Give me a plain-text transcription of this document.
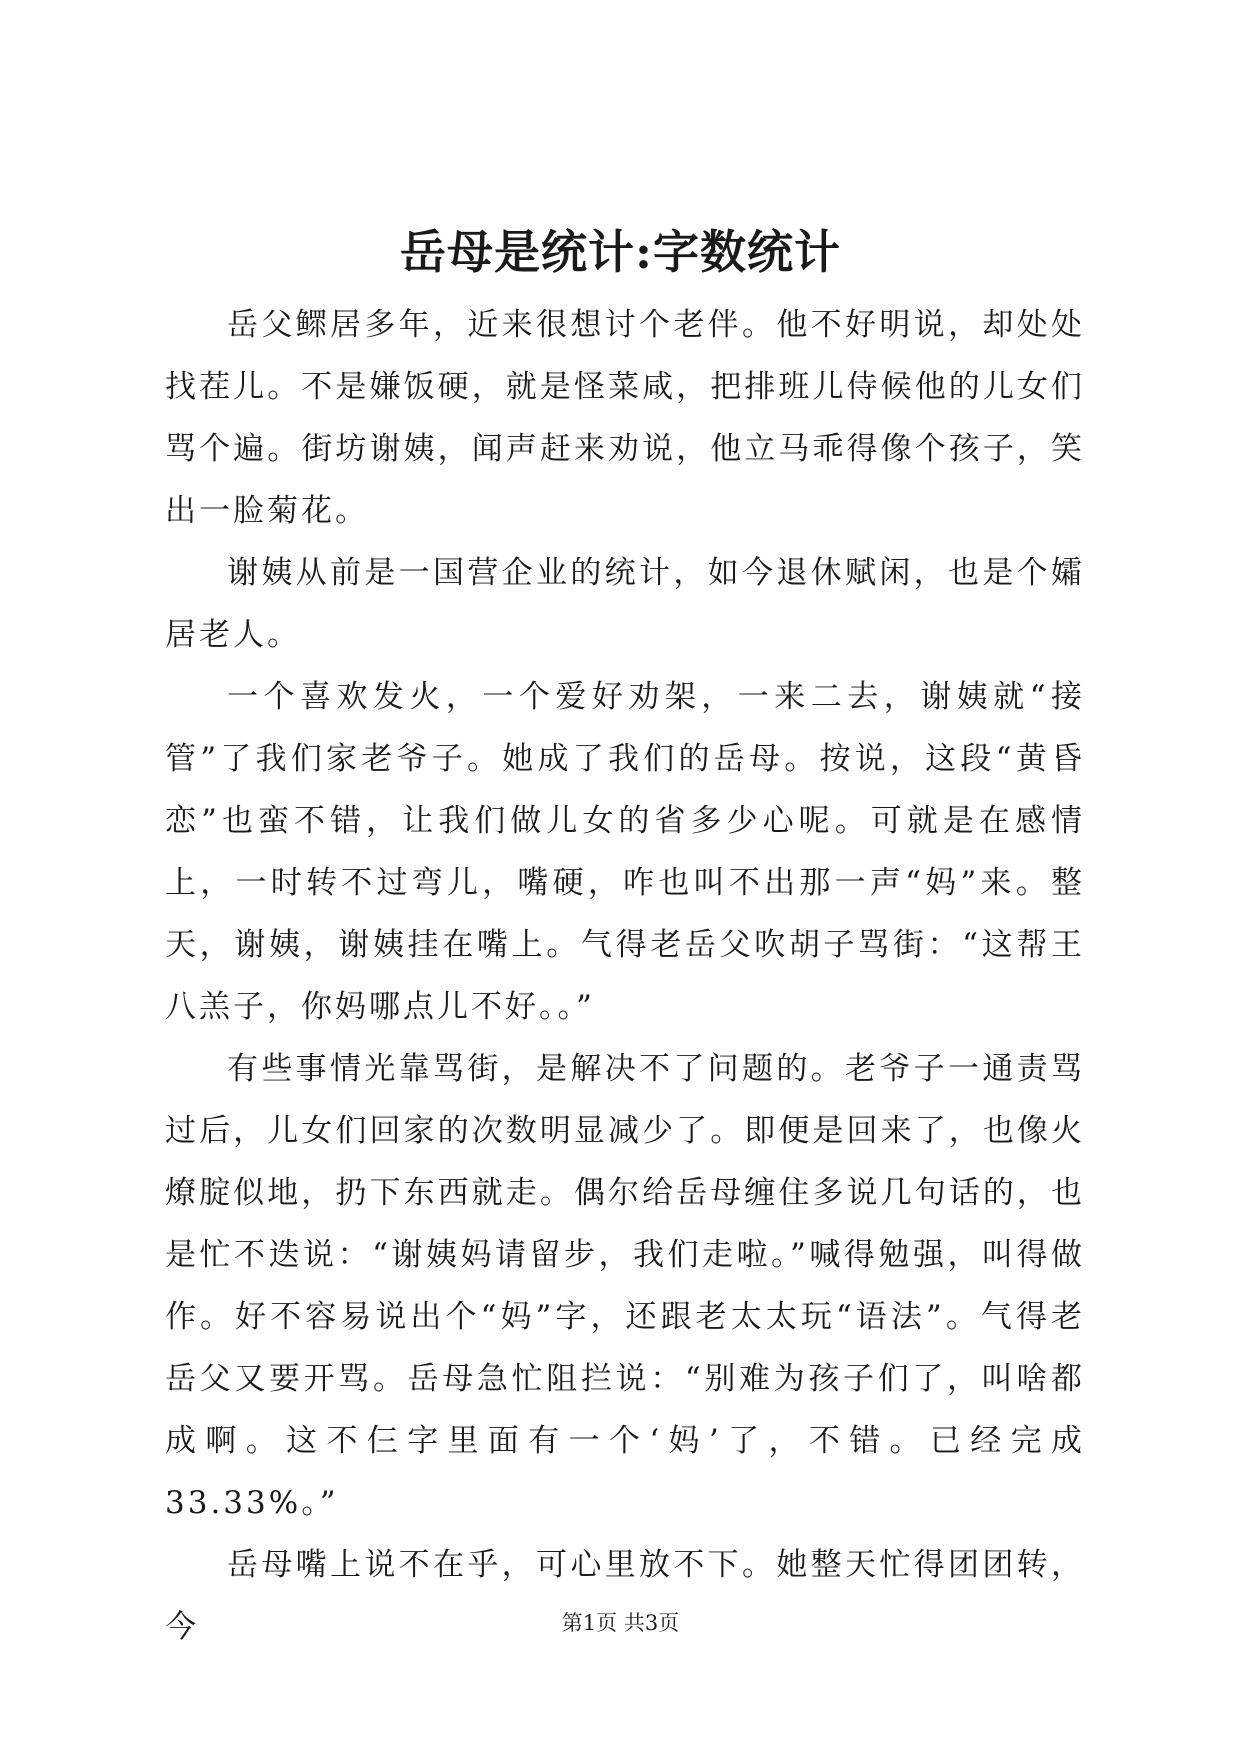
岳母是统计:字数统计

岳父鳏居多年，近来很想讨个老伴。他不好明说，却处处找茬儿。不是嫌饭硬，就是怪菜咸，把排班儿侍候他的儿女们骂个遍。街坊谢姨，闻声赶来劝说，他立马乖得像个孩子，笑出一脸菊花。

谢姨从前是一国营企业的统计，如今退休赋闲，也是个孀居老人。

一个喜欢发火，一个爱好劝架，一来二去，谢姨就“接管”了我们家老爷子。她成了我们的岳母。按说，这段“黄昏恋”也蛮不错，让我们做儿女的省多少心呢。可就是在感情上，一时转不过弯儿，嘴硬，咋也叫不出那一声“妈”来。整天，谢姨，谢姨挂在嘴上。气得老岳父吹胡子骂街：“这帮王八羔子，你妈哪点儿不好。。”

有些事情光靠骂街，是解决不了问题的。老爷子一通责骂过后，儿女们回家的次数明显减少了。即便是回来了，也像火燎腚似地，扔下东西就走。偶尔给岳母缠住多说几句话的，也是忙不迭说：“谢姨妈请留步，我们走啦。”喊得勉强，叫得做作。好不容易说出个“妈”字，还跟老太太玩“语法”。气得老岳父又要开骂。岳母急忙阻拦说：“别难为孩子们了，叫啥都成啊。这不仨字里面有一个‘妈’了，不错。已经完成33.33%。”

岳母嘴上说不在乎，可心里放不下。她整天忙得团团转，今	第1页 共3页
